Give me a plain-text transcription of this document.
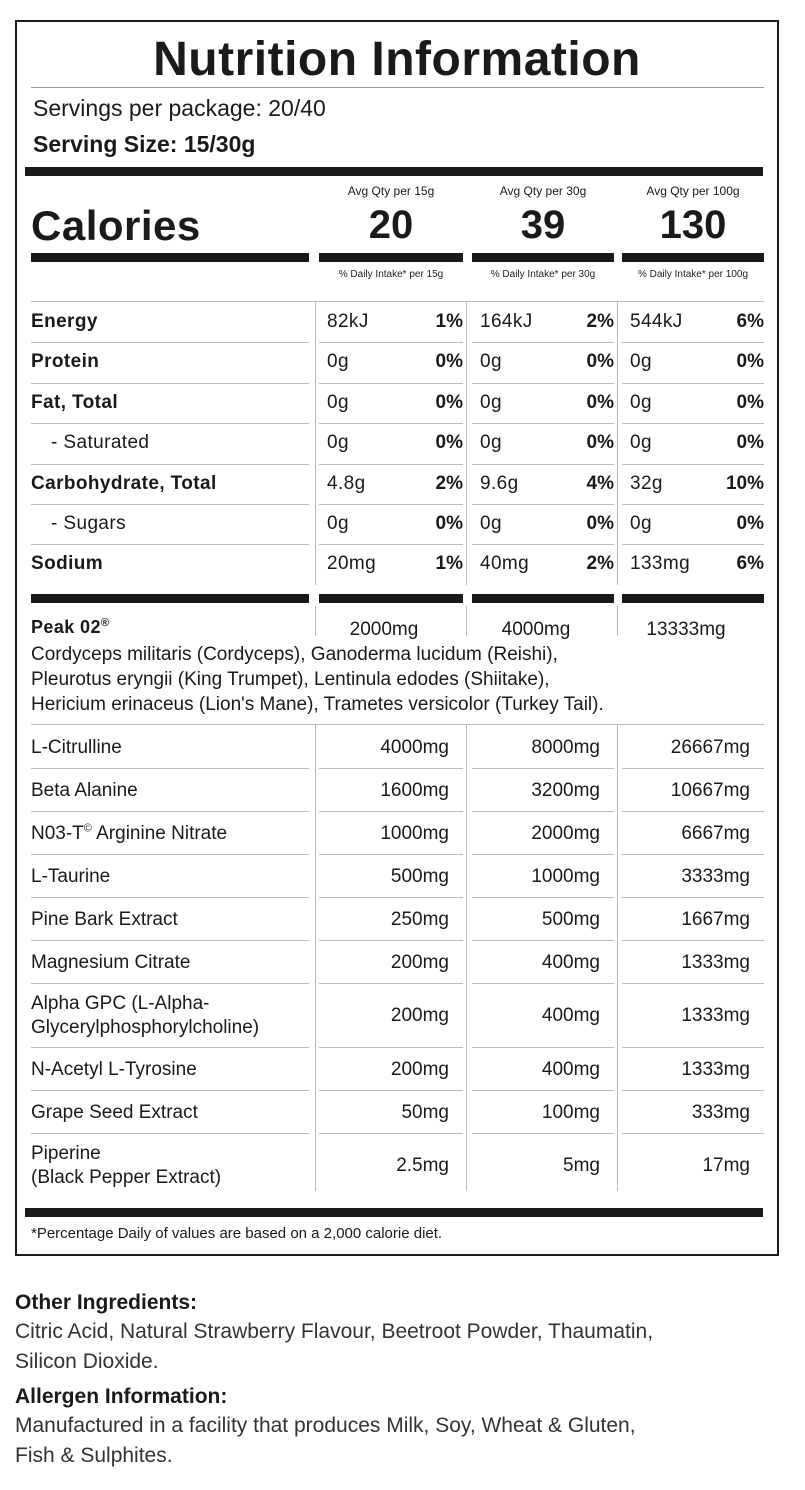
Nutrition Information
Servings per package: 20/40
Serving Size: 15/30g
Calories
Avg Qty per 15g
20
% Daily Intake* per 15g
Avg Qty per 30g
39
% Daily Intake* per 30g
Avg Qty per 100g
130
% Daily Intake* per 100g
Energy	82kJ	1% 164kJ	2% 544kJ	6%
Protein	0g	0% 0g	0% 0g	0%
Fat, Total	0g	0% 0g	0% 0g	0%
- Saturated	0g	0% 0g	0% 0g	0%
Carbohydrate, Total	4.8g	2% 9.6g	4% 32g	10%
- Sugars	0g	0% 0g	0% 0g	0%
Sodium	20mg	1% 40mg	2% 133mg	6%
Peak 02®	2000mg	4000mg	13333mg
Cordyceps militaris (Cordyceps), Ganoderma lucidum (Reishi),
Pleurotus eryngii (King Trumpet), Lentinula edodes (Shiitake),
Hericium erinaceus (Lion's Mane), Trametes versicolor (Turkey Tail).
L-Citrulline	4000mg	8000mg	26667mg
Beta Alanine	1600mg	3200mg	10667mg
N03-T© Arginine Nitrate	1000mg	2000mg	6667mg
L-Taurine	500mg	1000mg	3333mg
Pine Bark Extract	250mg	500mg	1667mg
Magnesium Citrate	200mg	400mg	1333mg
Alpha GPC (L-Alpha-
Glycerylphosphorylcholine)
200mg	400mg	1333mg
N-Acetyl L-Tyrosine	200mg	400mg	1333mg
Grape Seed Extract	50mg	100mg	333mg
Piperine
(Black Pepper Extract)
2.5mg	5mg	17mg
*Percentage Daily of values are based on a 2,000 calorie diet.
Other Ingredients:
Citric Acid, Natural Strawberry Flavour, Beetroot Powder, Thaumatin,
Silicon Dioxide.
Allergen Information:
Manufactured in a facility that produces Milk, Soy, Wheat & Gluten,
Fish & Sulphites.
